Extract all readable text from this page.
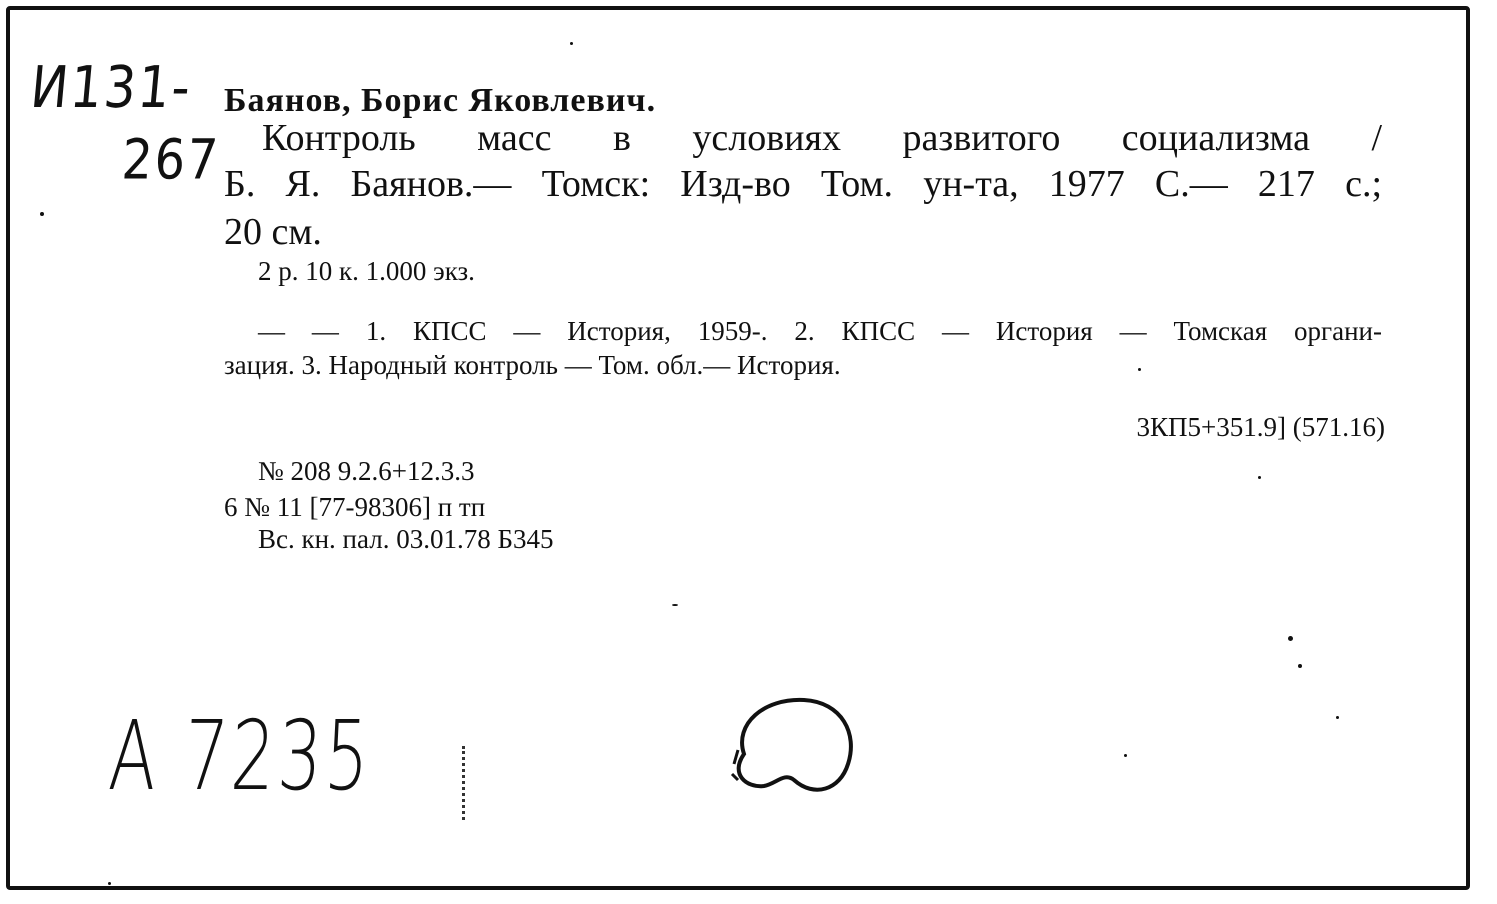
И131-
267
Баянов, Борис Яковлевич.
Контроль масс в условиях развитого социализма /
Б. Я. Баянов.— Томск: Изд-во Том. ун-та, 1977 С.— 217 с.;
20 см.
2 р. 10 к. 1.000 экз.
— — 1. КПСС — История, 1959-. 2. КПСС — История — Томская органи-
зация. 3. Народный контроль — Том. обл.— История.
3КП5+351.9] (571.16)
№ 208 9.2.6+12.3.3
6 № 11 [77-98306] п тп
Вс. кн. пал. 03.01.78 Б345
А 7235
